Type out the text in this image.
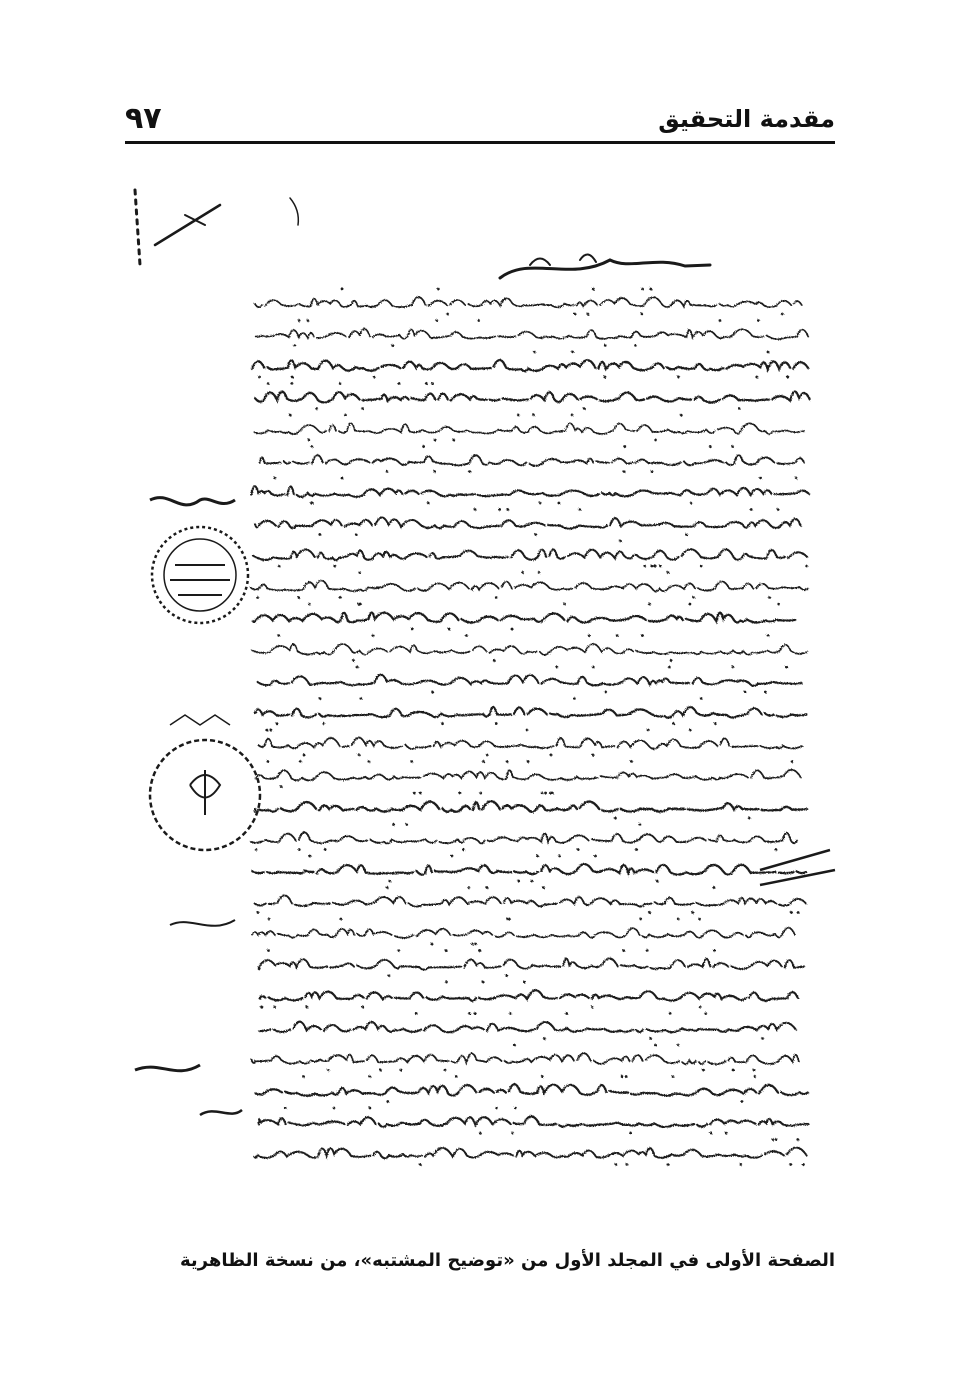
٩٧	مقدمة التحقيق
الصفحة الأولى في المجلد الأول من «توضيح المشتبه»، من نسخة الظاهرية
